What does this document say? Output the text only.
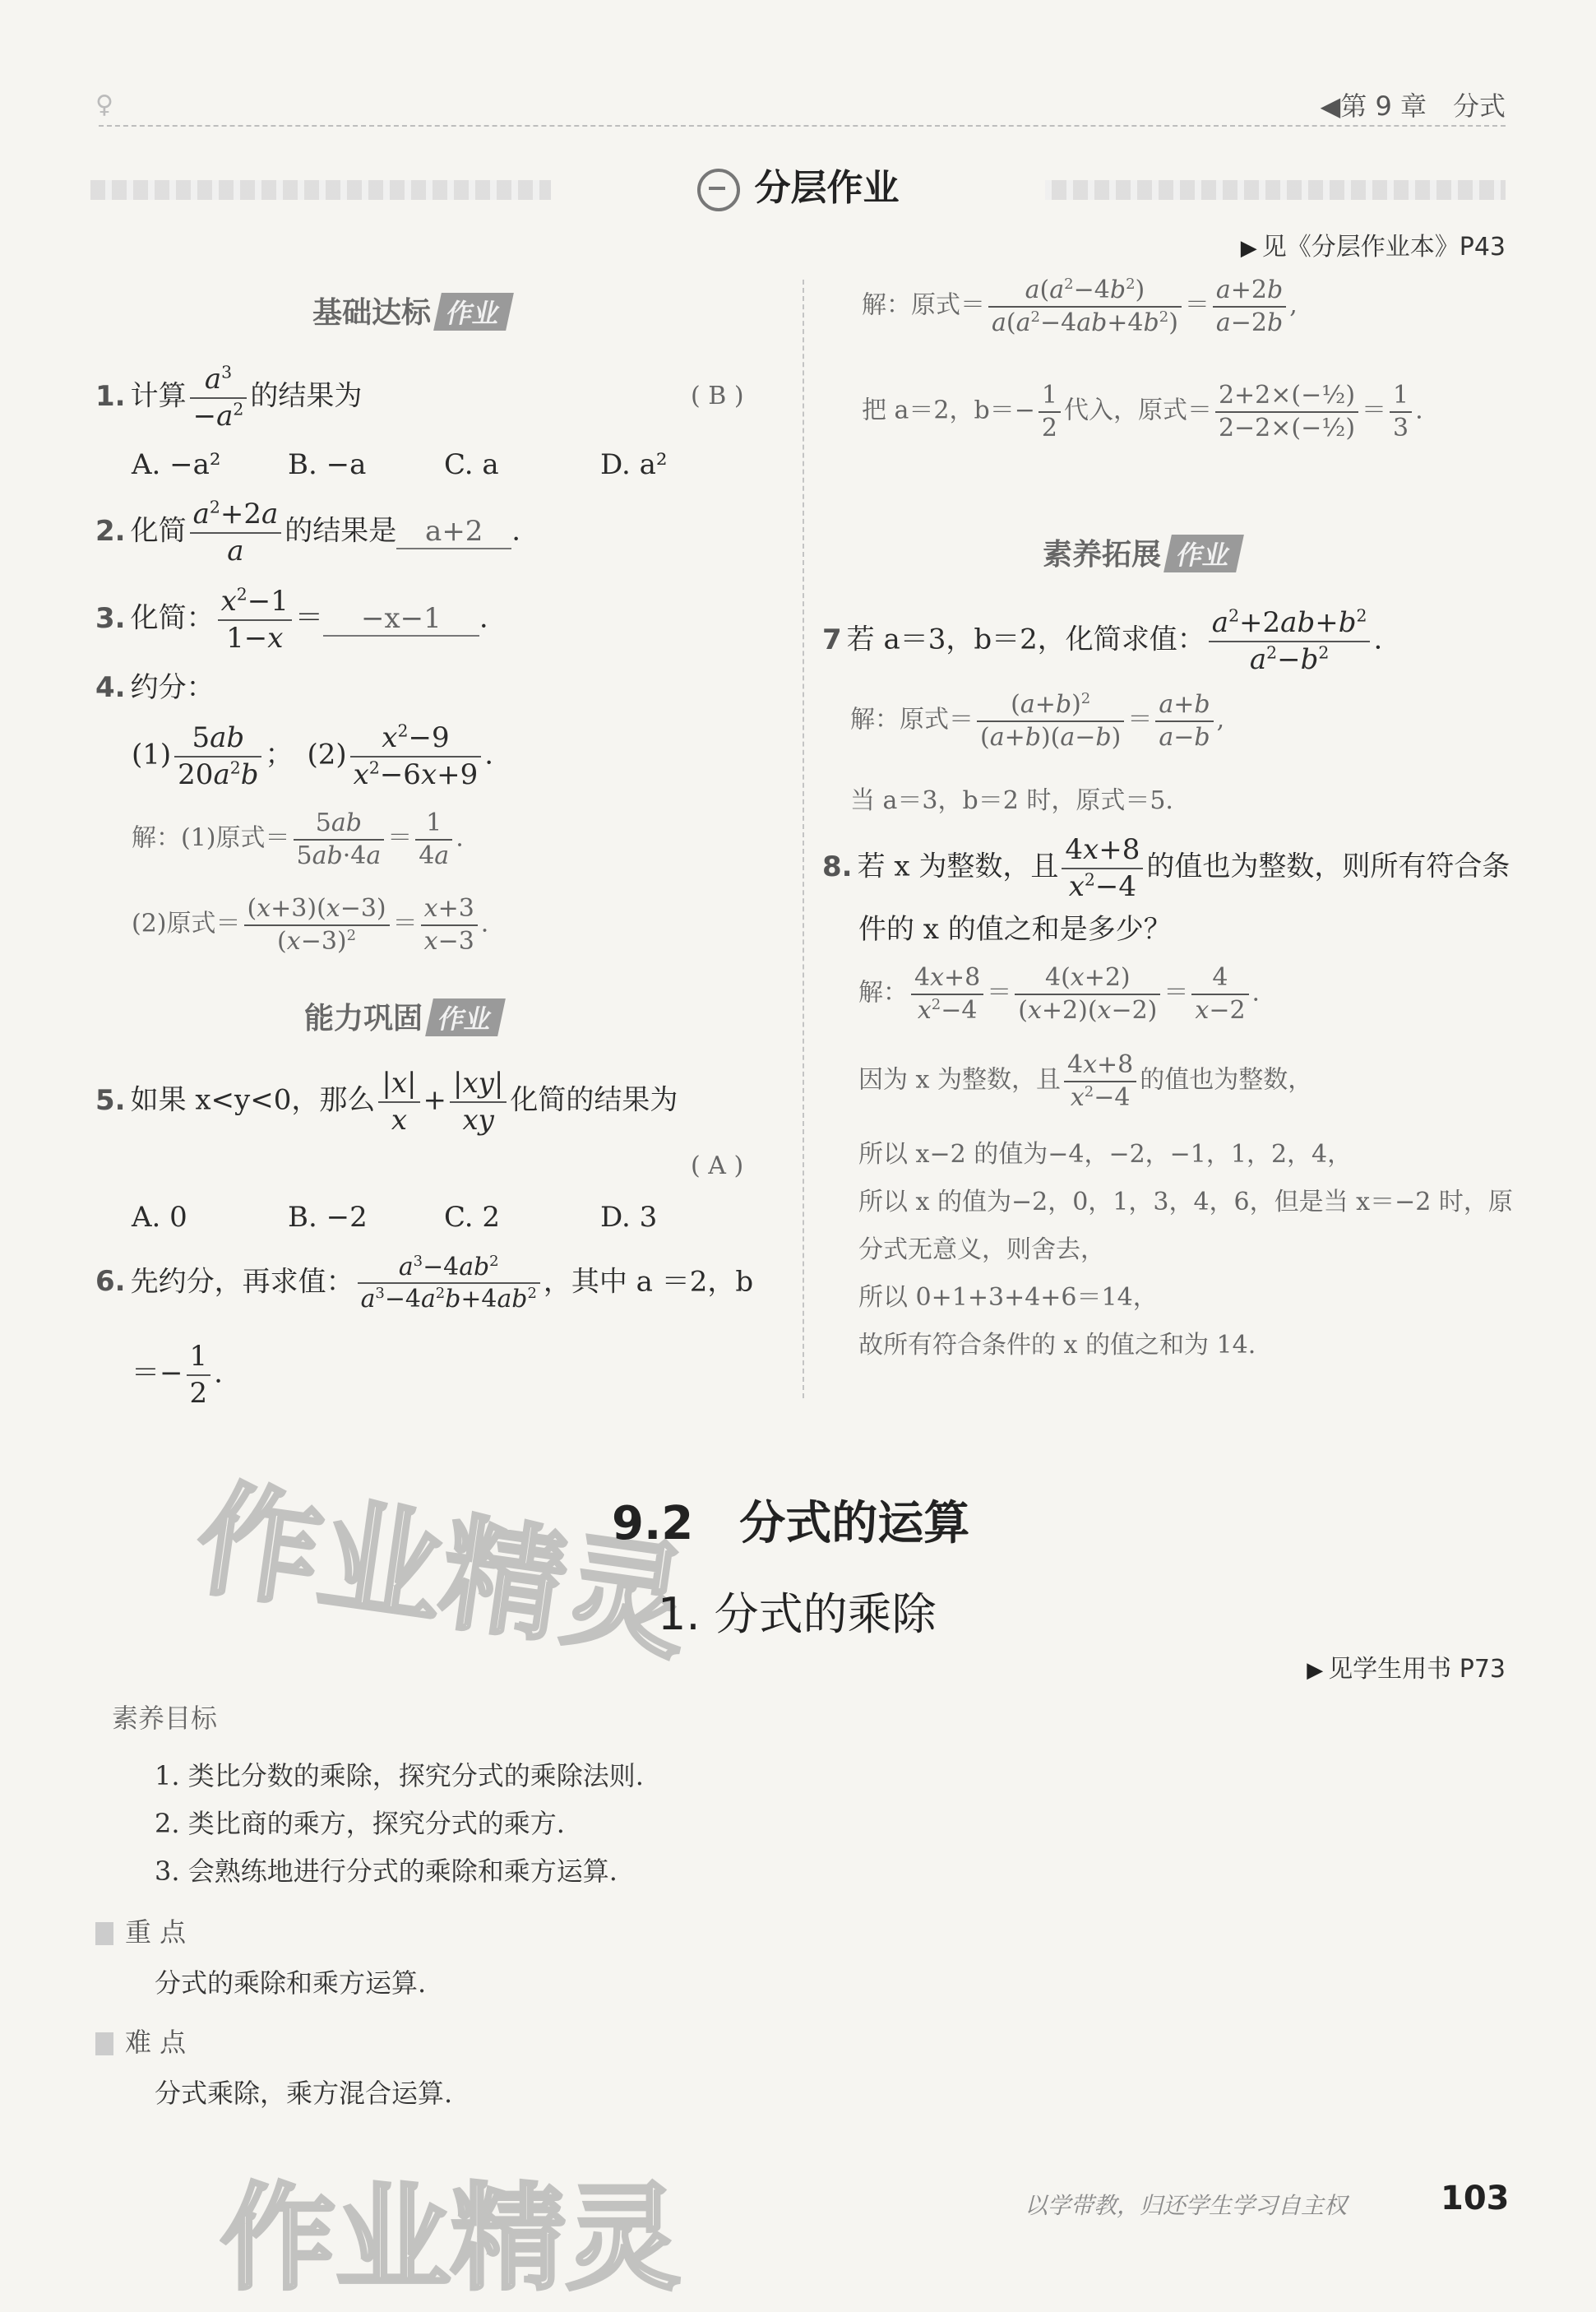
♀	◀第 9 章　分式
分层作业
▶ 见《分层作业本》P43
基础达标 作业
1. 计算 $\frac{a^3}{-a^2}$ 的结果为	( B )
A. −a² B. −a	C. a	D. a²
2. 化简 $\frac{a^2+2a}{a}$ 的结果是 a+2 .
3. 化简： $\frac{x^2-1}{1-x} = -x-1$ .
4. 约分：
$(1) \frac{5ab}{20a^2b}$ ；　$(2) \frac{x^2-9}{x^2-6x+9}$ .
解：(1)原式＝ $\frac{5ab}{5ab\cdot 4a} = \frac{1}{4a}$ .
(2)原式＝ $\frac{(x+3)(x-3)}{(x-3)^2} = \frac{x+3}{x-3}$ .
能力巩固 作业
5. 如果 x<y<0，那么 $\frac{|x|}{x} + \frac{|xy|}{xy}$ 化简的结果为
( A )
A. 0	B. −2	C. 2	D. 3
6. 先约分，再求值： $\frac{a^3-4ab^2}{a^3-4a^2b+4ab^2}$ ，其中 a ＝2，b
＝− $\frac{1}{2}$ .
解：原式＝ $\frac{a(a^2-4b^2)}{a(a^2-4ab+4b^2)} = \frac{a+2b}{a-2b}$ ,
把 a＝2，$b=- \frac{1}{2}$ 代入，原式＝ $\frac{\text{2+2×(−½)}}{\text{2−2×(−½)}} = \frac{1}{3}$ .
素养拓展 作业
7 若 a＝3，b＝2，化简求值： $\frac{a^2+2ab+b^2}{a^2-b^2}$ .
解：原式＝ $\frac{(a+b)^2}{(a+b)(a-b)} = \frac{a+b}{a-b}$ ,
当 a＝3，b＝2 时，原式＝5.
8. 若 x 为整数，且 $\frac{4x+8}{x^2-4}$ 的值也为整数，则所有符合条
件的 x 的值之和是多少？
解： $\frac{4x+8}{x^2-4} = \frac{4(x+2)}{(x+2)(x-2)} = \frac{4}{x-2}$ .
因为 x 为整数，且 $\frac{4x+8}{x^2-4}$ 的值也为整数，
所以 x−2 的值为−4，−2，−1，1，2，4，
所以 x 的值为−2，0，1，3，4，6，但是当 x＝−2 时，原
分式无意义，则舍去，
所以 0+1+3+4+6＝14，
故所有符合条件的 x 的值之和为 14.
作业精灵
9.2　分式的运算
1. 分式的乘除
▶ 见学生用书 P73
素养目标
1. 类比分数的乘除，探究分式的乘除法则.
2. 类比商的乘方，探究分式的乘方.
3. 会熟练地进行分式的乘除和乘方运算.
重 点
分式的乘除和乘方运算.
难 点
分式乘除，乘方混合运算.
作业精灵	以学带教，归还学生学习自主权	103
